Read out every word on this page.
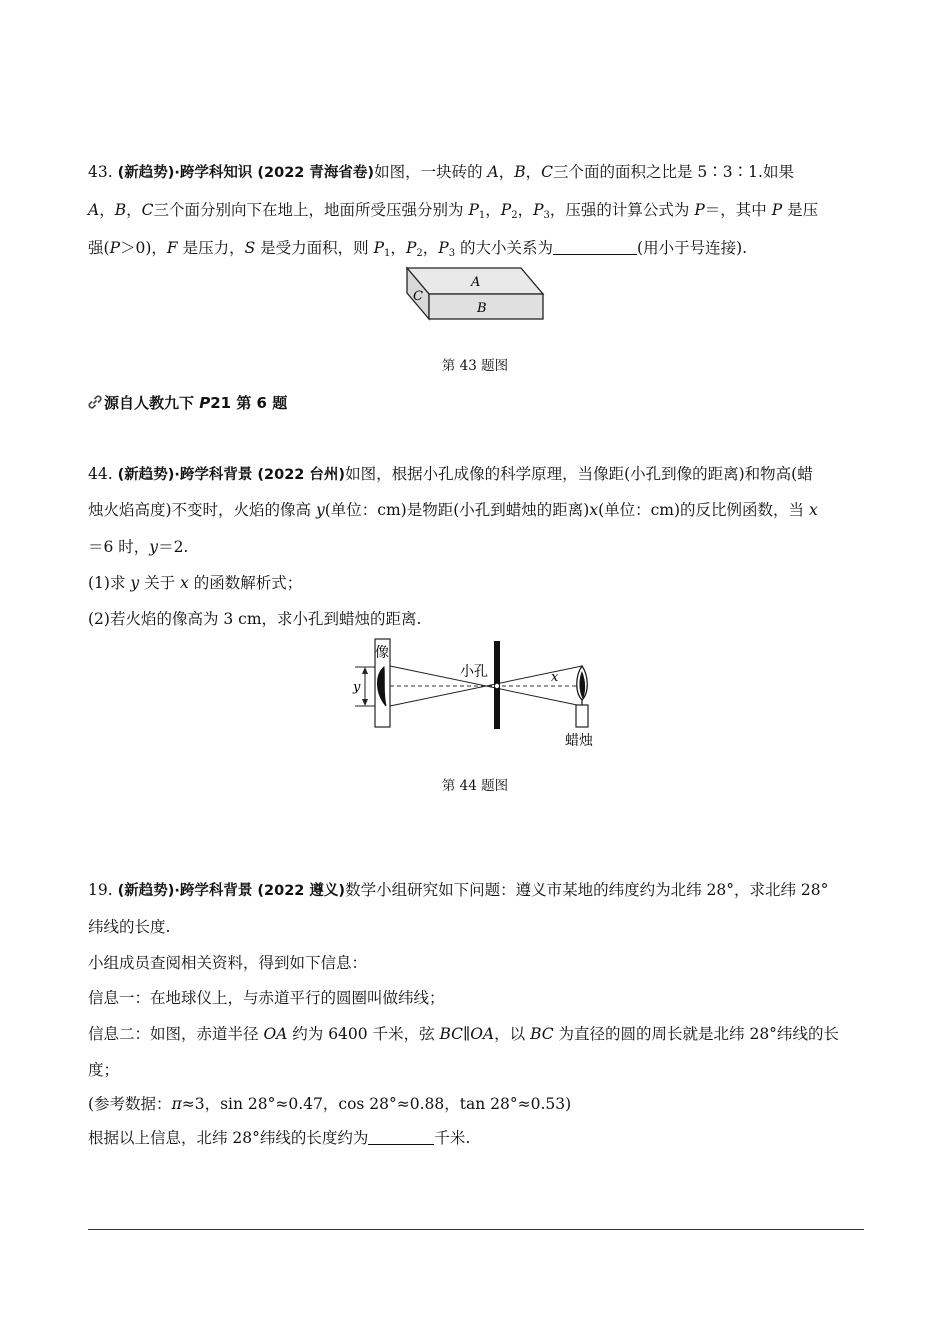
43. (新趋势)·跨学科知识 (2022 青海省卷)如图，一块砖的 A，B，C三个面的面积之比是 5∶3∶1.如果
A，B，C三个面分别向下在地上，地面所受压强分别为 $P_1$，$P_2$，$P_3$，压强的计算公式为 P＝，其中 P 是压
强(P＞0)，F 是压力，S 是受力面积，则 $P_1$，$P_2$，$P_3$ 的大小关系为	(用小于号连接).
A
B
C
第 43 题图
源自人教九下 P21 第 6 题
44. (新趋势)·跨学科背景 (2022 台州)如图，根据小孔成像的科学原理，当像距(小孔到像的距离)和物高(蜡
烛火焰高度)不变时，火焰的像高 y(单位：cm)是物距(小孔到蜡烛的距离)x(单位：cm)的反比例函数，当 x
＝6 时，y＝2.
(1)求 y 关于 x 的函数解析式；
(2)若火焰的像高为 3 cm，求小孔到蜡烛的距离.
像
y
小孔	x
蜡烛
第 44 题图
19. (新趋势)·跨学科背景 (2022 遵义)数学小组研究如下问题：遵义市某地的纬度约为北纬 28°，求北纬 28°
纬线的长度.
小组成员查阅相关资料，得到如下信息：
信息一：在地球仪上，与赤道平行的圆圈叫做纬线；
信息二：如图，赤道半径 OA 约为 6400 千米，弦 BC∥OA，以 BC 为直径的圆的周长就是北纬 28°纬线的长
度；
(参考数据：π≈3，sin 28°≈0.47，cos 28°≈0.88，tan 28°≈0.53)
根据以上信息，北纬 28°纬线的长度约为	千米.
